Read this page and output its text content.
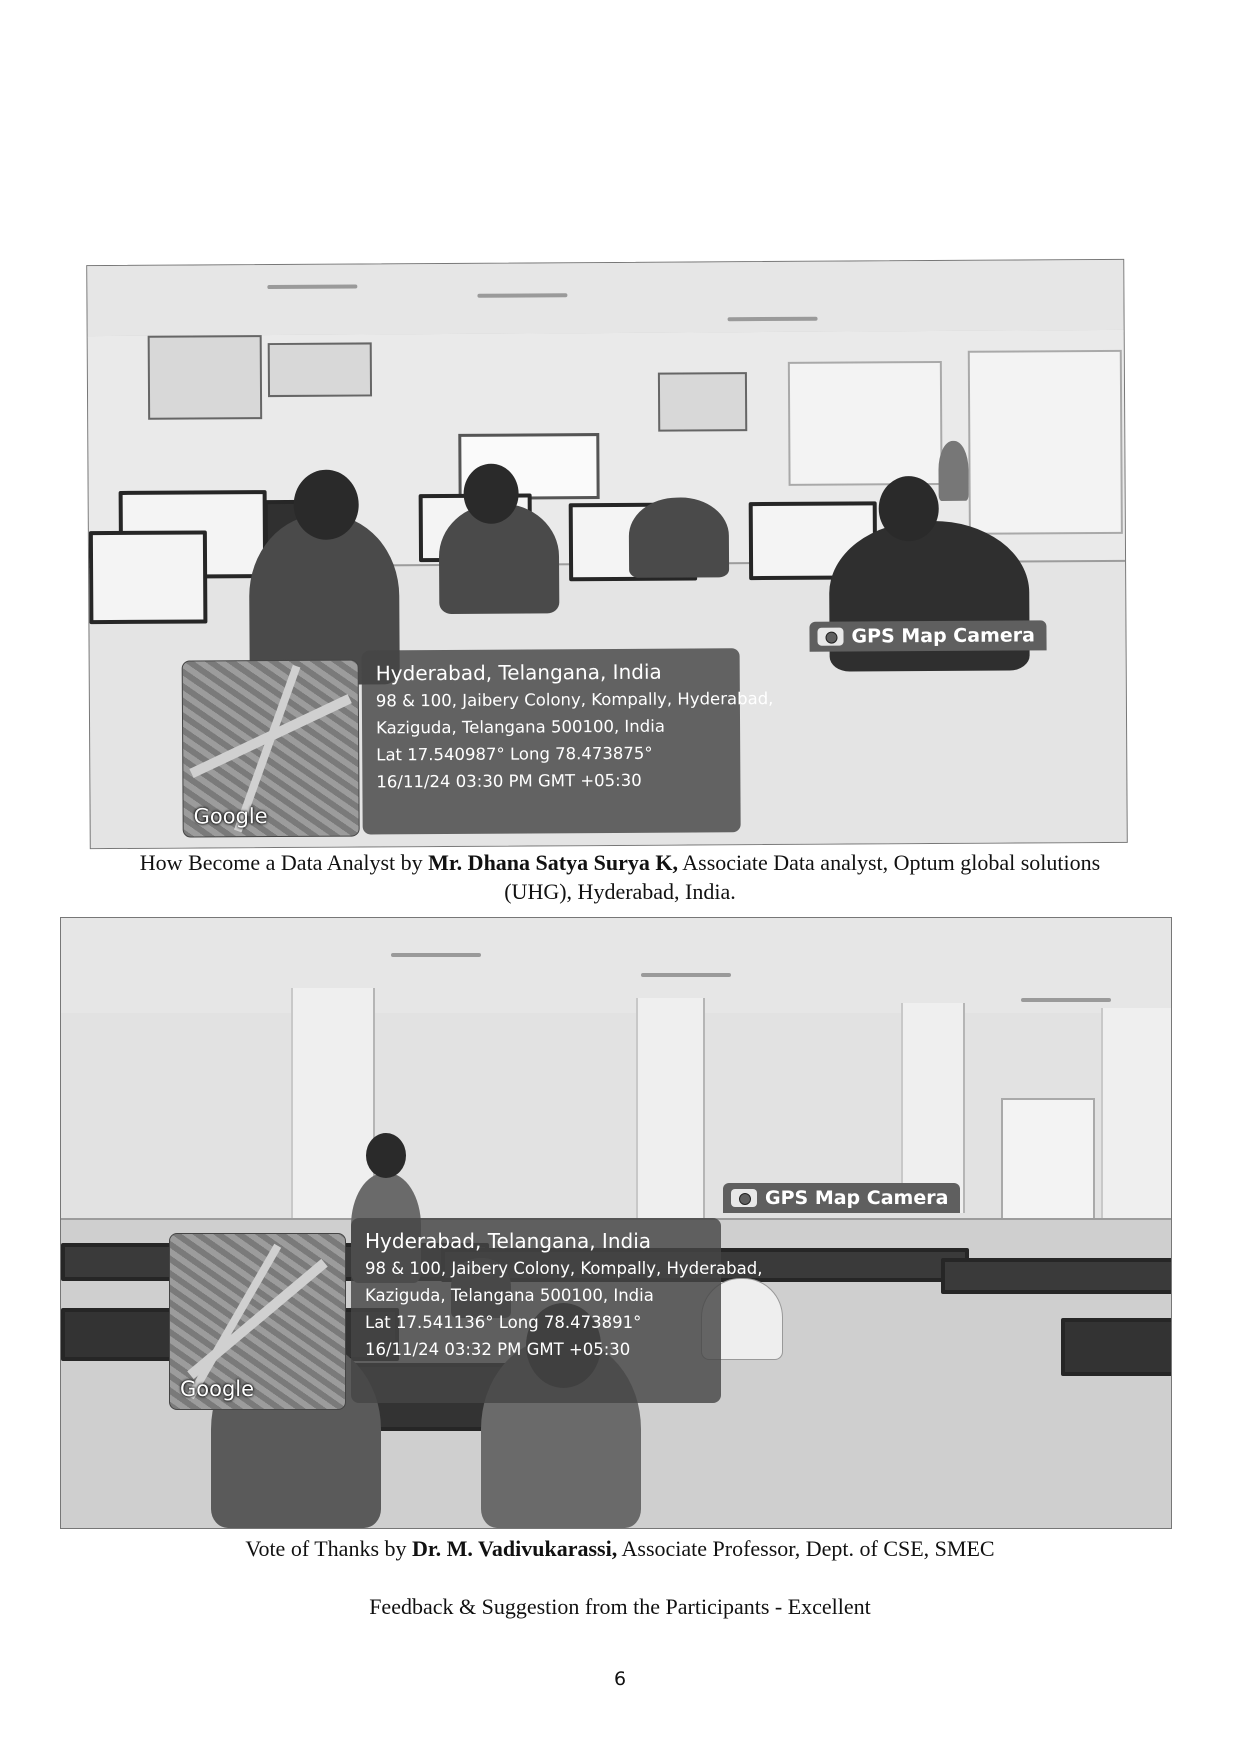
GPS Map Camera
Google
Hyderabad, Telangana, India
98 & 100, Jaibery Colony, Kompally, Hyderabad,
Kaziguda, Telangana 500100, India
Lat 17.540987° Long 78.473875°
16/11/24 03:30 PM GMT +05:30
How Become a Data Analyst by Mr. Dhana Satya Surya K, Associate Data analyst, Optum global solutions
(UHG), Hyderabad, India.
GPS Map Camera
Google
Hyderabad, Telangana, India
98 & 100, Jaibery Colony, Kompally, Hyderabad,
Kaziguda, Telangana 500100, India
Lat 17.541136° Long 78.473891°
16/11/24 03:32 PM GMT +05:30
Vote of Thanks by Dr. M. Vadivukarassi, Associate Professor, Dept. of CSE, SMEC
Feedback & Suggestion from the Participants - Excellent
6
